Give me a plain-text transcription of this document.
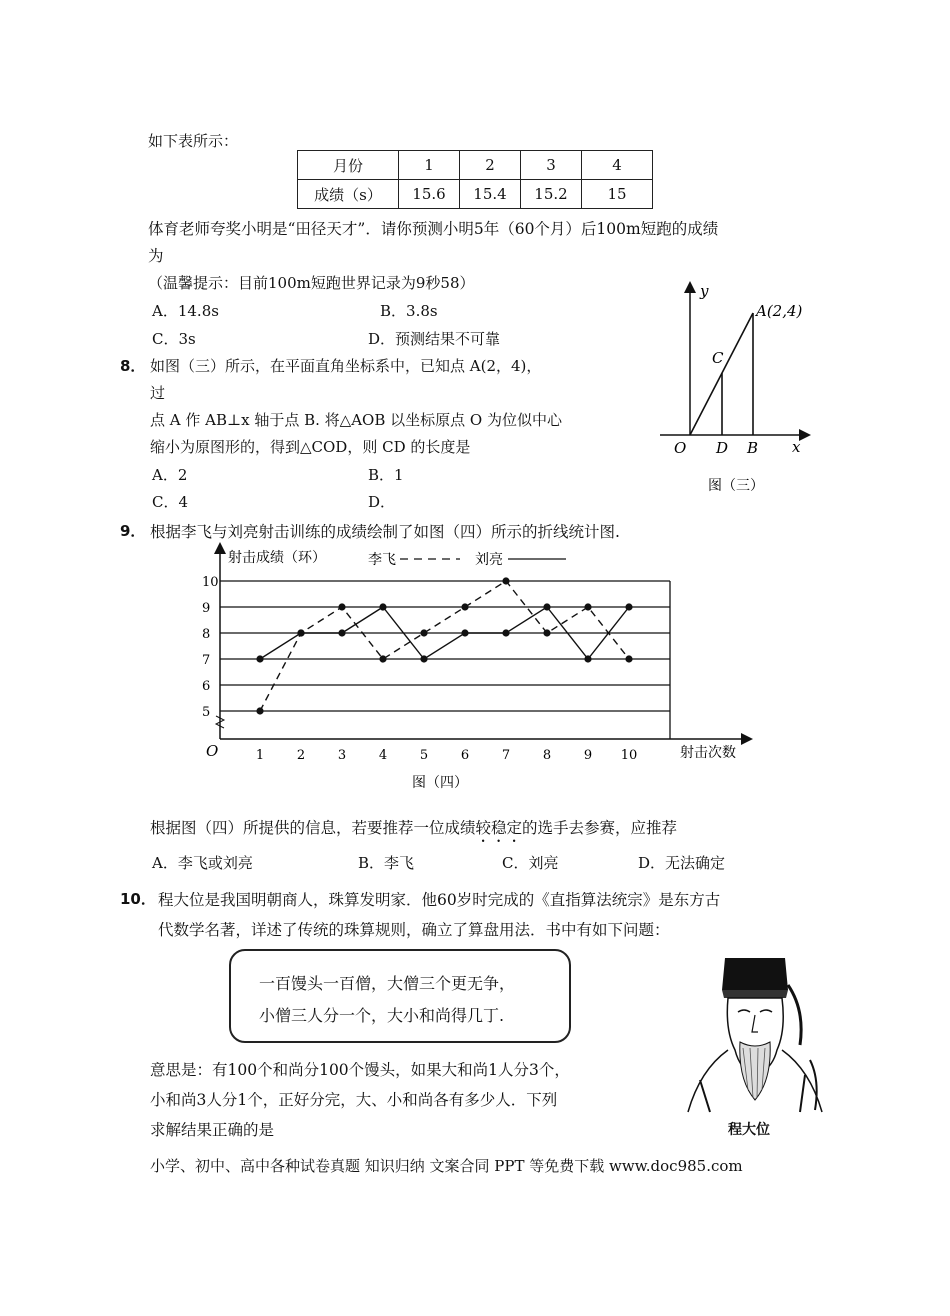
如下表所示：
月份	1	2	3	4
成绩（s）	15.6	15.4	15.2	15
体育老师夸奖小明是“田径天才”．请你预测小明5年（60个月）后100m短跑的成绩
为
（温馨提示：目前100m短跑世界记录为9秒58）
A．14.8s	B．3.8s
C．3s	D．预测结果不可靠
8． 如图（三）所示，在平面直角坐标系中，已知点 A(2，4)，
过
点 A 作 AB⊥x 轴于点 B. 将△AOB 以坐标原点 O 为位似中心
缩小为原图形的，得到△COD，则 CD 的长度是
A．2	B．1
C．4	D．
y
x
O
A(2,4)
C
D B
图（三）
9． 根据李飞与刘亮射击训练的成绩绘制了如图（四）所示的折线统计图.
射击成绩（环）
射击次数
O
李飞	刘亮
5
6
7
8
9
10
1	2	3	4	5	6	7	8	9 10
图（四）
根据图（四）所提供的信息，若要推荐一位成绩较稳定的选手去参赛，应推荐
A．李飞或刘亮	B．李飞	C．刘亮	D．无法确定
10． 程大位是我国明朝商人，珠算发明家．他60岁时完成的《直指算法统宗》是东方古
代数学名著，详述了传统的珠算规则，确立了算盘用法．书中有如下问题：
一百馒头一百僧，大僧三个更无争，
小僧三人分一个，大小和尚得几丁.
意思是：有100个和尚分100个馒头，如果大和尚1人分3个，
小和尚3人分1个，正好分完，大、小和尚各有多少人．下列
求解结果正确的是	程大位
小学、初中、高中各种试卷真题 知识归纳 文案合同 PPT 等免费下载 www.doc985.com
